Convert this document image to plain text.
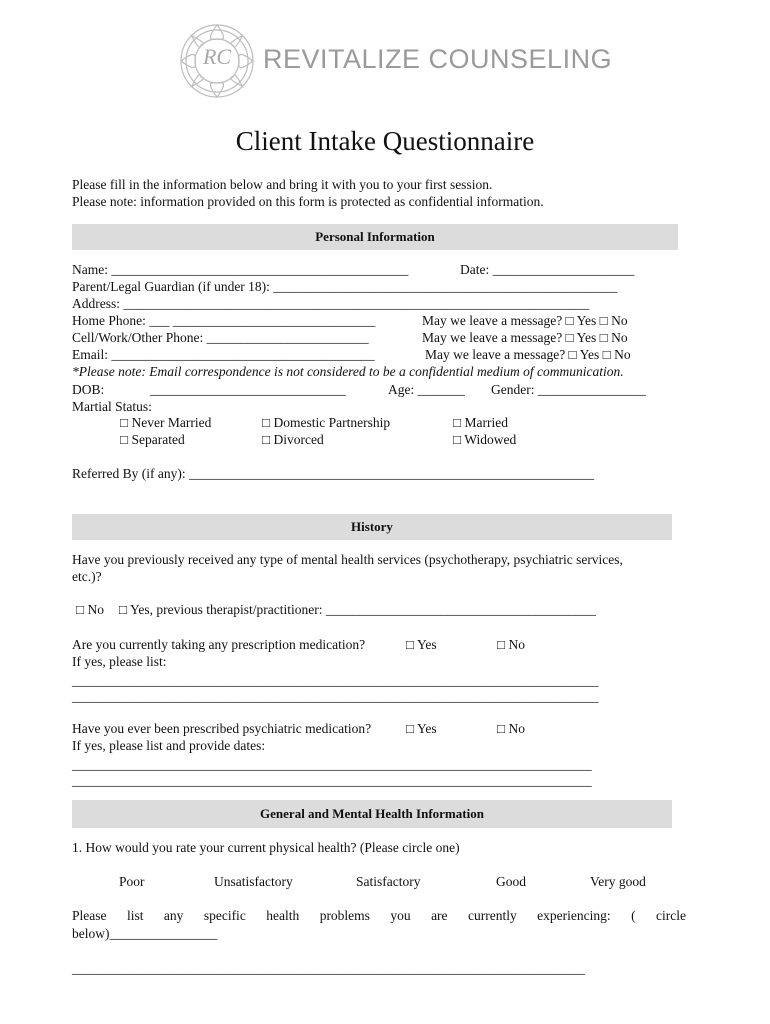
RC REVITALIZE COUNSELING
Client Intake Questionnaire
Please fill in the information below and bring it with you to your first session.
Please note: information provided on this form is protected as confidential information.
Personal Information
Name: ____________________________________________	Date: _____________________
Parent/Legal Guardian (if under 18): ___________________________________________________
Address: _____________________________________________________________________
Home Phone: ___ ______________________________	May we leave a message? □ Yes □ No
Cell/Work/Other Phone: ________________________	May we leave a message? □ Yes □ No
Email: _______________________________________	May we leave a message? □ Yes □ No
*Please note: Email correspondence is not considered to be a confidential medium of communication.
DOB:	_____________________________	Age: _______ Gender: ________________
Martial Status:
□ Never Married	□ Domestic Partnership	□ Married
□ Separated	□ Divorced	□ Widowed
Referred By (if any): ____________________________________________________________
History
Have you previously received any type of mental health services (psychotherapy, psychiatric services,
etc.)?
□ No □ Yes, previous therapist/practitioner: ________________________________________
Are you currently taking any prescription medication?	□ Yes	□ No
If yes, please list:
______________________________________________________________________________
______________________________________________________________________________
Have you ever been prescribed psychiatric medication?	□ Yes	□ No
If yes, please list and provide dates:
_____________________________________________________________________________
_____________________________________________________________________________
General and Mental Health Information
1. How would you rate your current physical health? (Please circle one)
Poor	Unsatisfactory	Satisfactory	Good	Very good
Please list any specific health problems you are currently experiencing: ( circle
below)________________
____________________________________________________________________________
